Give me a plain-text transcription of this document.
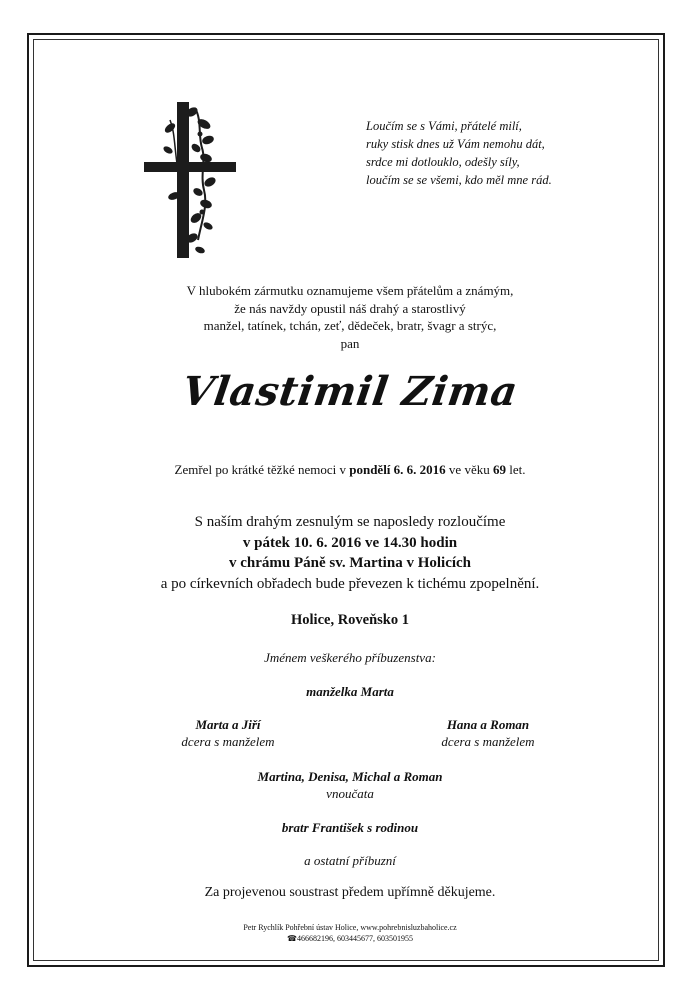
Loučím se s Vámi, přátelé milí,
ruky stisk dnes už Vám nemohu dát,
srdce mi dotlouklo, odešly síly,
loučím se se všemi, kdo měl mne rád.
V hlubokém zármutku oznamujeme všem přátelům a známým,
že nás navždy opustil náš drahý a starostlivý
manžel, tatínek, tchán, zeť, dědeček, bratr, švagr a strýc,
pan
Vlastimil Zima
Zemřel po krátké těžké nemoci v pondělí 6. 6. 2016 ve věku 69 let.
S naším drahým zesnulým se naposledy rozloučíme
v pátek 10. 6. 2016 ve 14.30 hodin
v chrámu Páně sv. Martina v Holicích
a po církevních obřadech bude převezen k tichému zpopelnění.
Holice, Roveňsko 1
Jménem veškerého příbuzenstva:
manželka Marta
Marta a Jiří
dcera s manželem
Hana a Roman
dcera s manželem
Martina, Denisa, Michal a Roman
vnoučata
bratr František s rodinou
a ostatní příbuzní
Za projevenou soustrast předem upřímně děkujeme.
Petr Rychlík Pohřební ústav Holice, www.pohrebnisluzbaholice.cz
☎466682196, 603445677, 603501955
